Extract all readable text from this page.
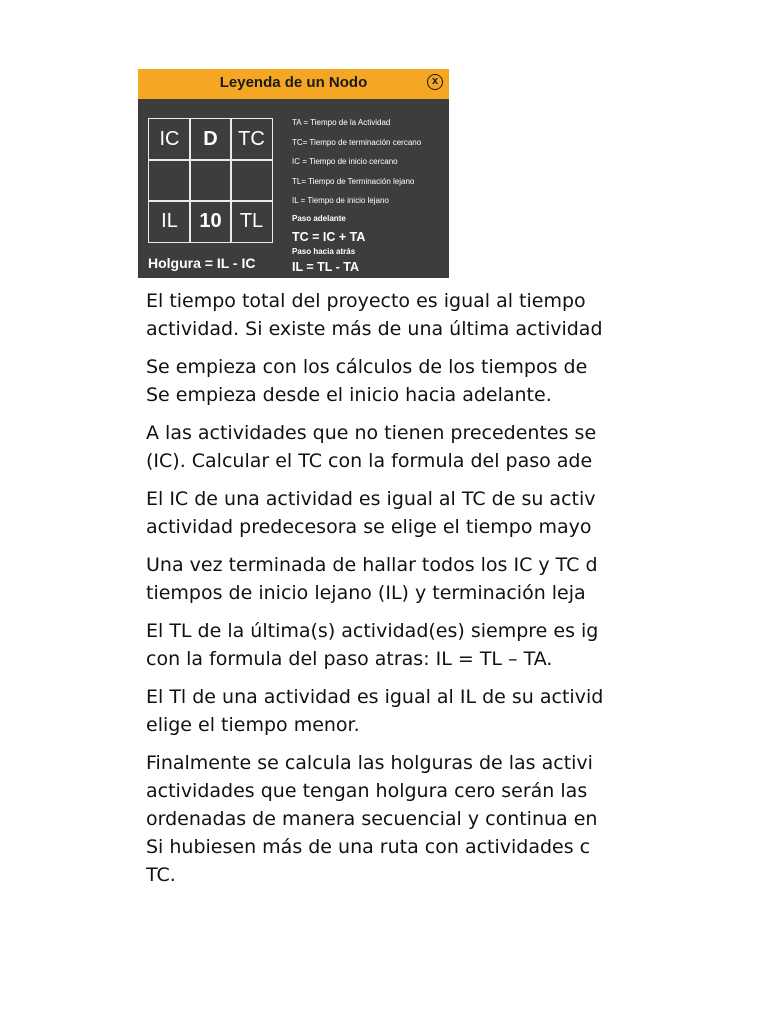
Leyenda de un Nodo	x
IC	D	TC
IL	10 TL
Holgura = IL - IC
TA = Tiempo de la Actividad
TC= Tiempo de terminación cercano
IC = Tiempo de inicio cercano
TL= Tiempo de Terminación lejano
IL = Tiempo de inicio lejano
Paso adelante
TC = IC + TA
Paso hacia atrás
IL = TL - TA

El tiempo total del proyecto es igual al tiempo
actividad. Si existe más de una última actividad

Se empieza con los cálculos de los tiempos de
Se empieza desde el inicio hacia adelante.

A las actividades que no tienen precedentes se
(IC). Calcular el TC con la formula del paso ade

El IC de una actividad es igual al TC de su activ
actividad predecesora se elige el tiempo mayo

Una vez terminada de hallar todos los IC y TC d
tiempos de inicio lejano (IL) y terminación leja

El TL de la última(s) actividad(es) siempre es ig
con la formula del paso atras: IL = TL – TA.

El Tl de una actividad es igual al IL de su activid
elige el tiempo menor.

Finalmente se calcula las holguras de las activi
actividades que tengan holgura cero serán las
ordenadas de manera secuencial y continua en
Si hubiesen más de una ruta con actividades c
TC.
